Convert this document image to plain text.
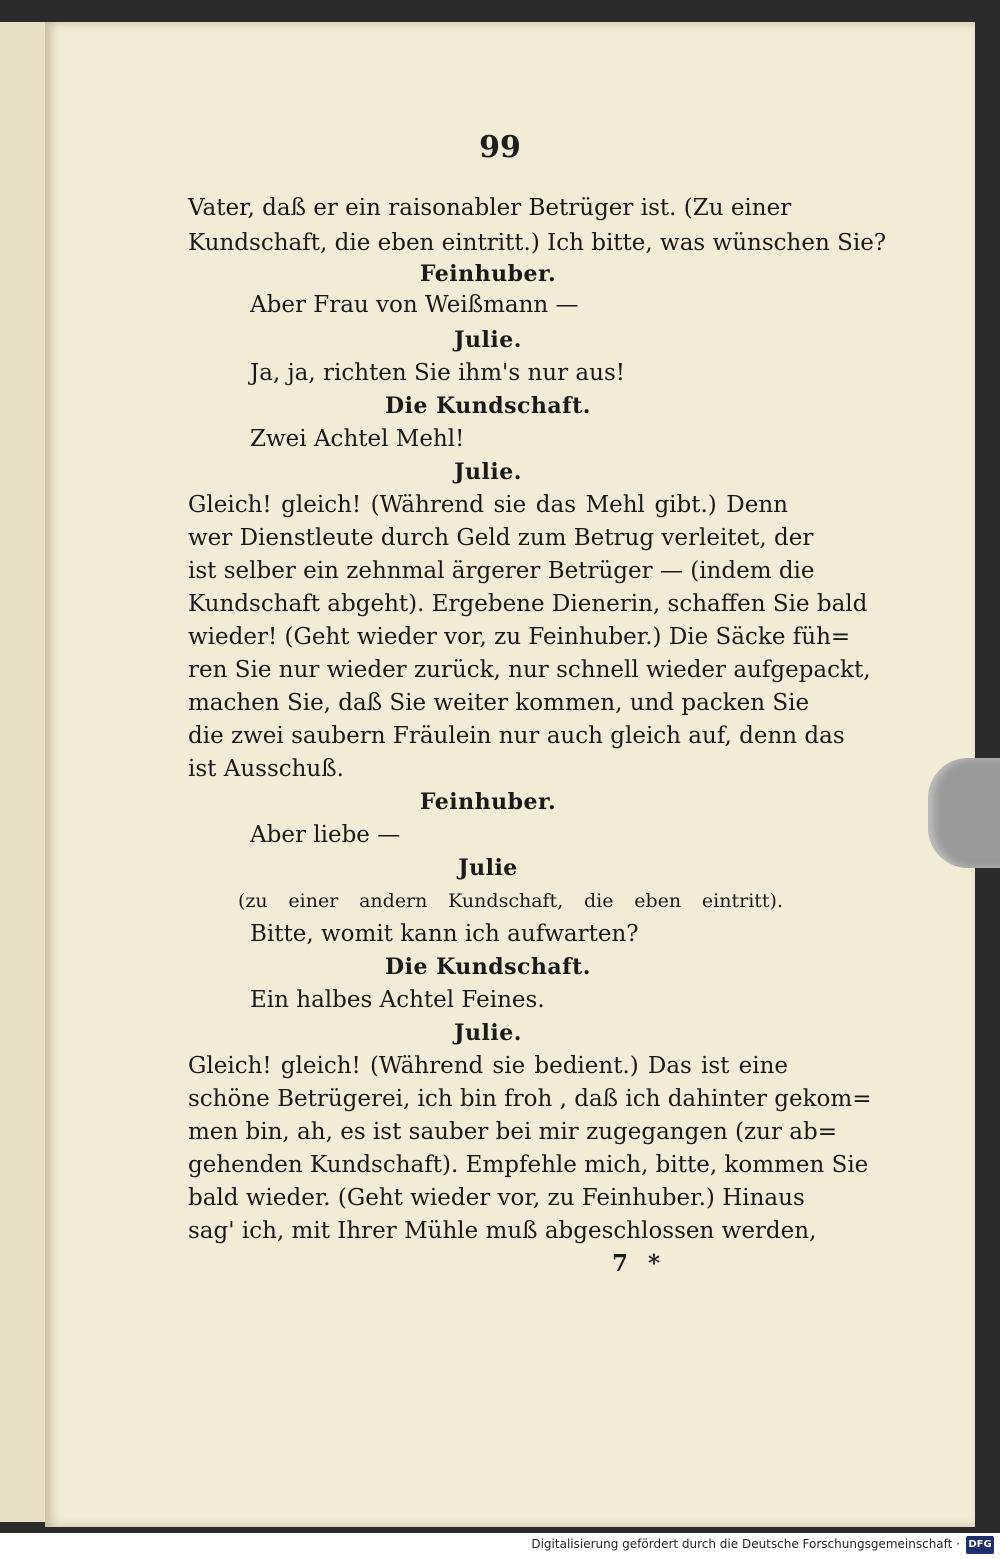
99
Vater, daß er ein raisonabler Betrüger ist. (Zu einer
Kundschaft, die eben eintritt.) Ich bitte, was wünschen Sie?
Feinhuber.
Aber Frau von Weißmann —
Julie.
Ja, ja, richten Sie ihm's nur aus!
Die Kundschaft.
Zwei Achtel Mehl!
Julie.
Gleich! gleich! (Während sie das Mehl gibt.) Denn
wer Dienstleute durch Geld zum Betrug verleitet, der
ist selber ein zehnmal ärgerer Betrüger — (indem die
Kundschaft abgeht). Ergebene Dienerin, schaffen Sie bald
wieder! (Geht wieder vor, zu Feinhuber.) Die Säcke füh=
ren Sie nur wieder zurück, nur schnell wieder aufgepackt,
machen Sie, daß Sie weiter kommen, und packen Sie
die zwei saubern Fräulein nur auch gleich auf, denn das
ist Ausschuß.
Feinhuber.
Aber liebe —
Julie
(zu einer andern Kundschaft, die eben eintritt).
Bitte, womit kann ich aufwarten?
Die Kundschaft.
Ein halbes Achtel Feines.
Julie.
Gleich! gleich! (Während sie bedient.) Das ist eine
schöne Betrügerei, ich bin froh , daß ich dahinter gekom=
men bin, ah, es ist sauber bei mir zugegangen (zur ab=
gehenden Kundschaft). Empfehle mich, bitte, kommen Sie
bald wieder. (Geht wieder vor, zu Feinhuber.) Hinaus
sag' ich, mit Ihrer Mühle muß abgeschlossen werden,
7 *
Digitalisierung gefördert durch die Deutsche Forschungsgemeinschaft · DFG
